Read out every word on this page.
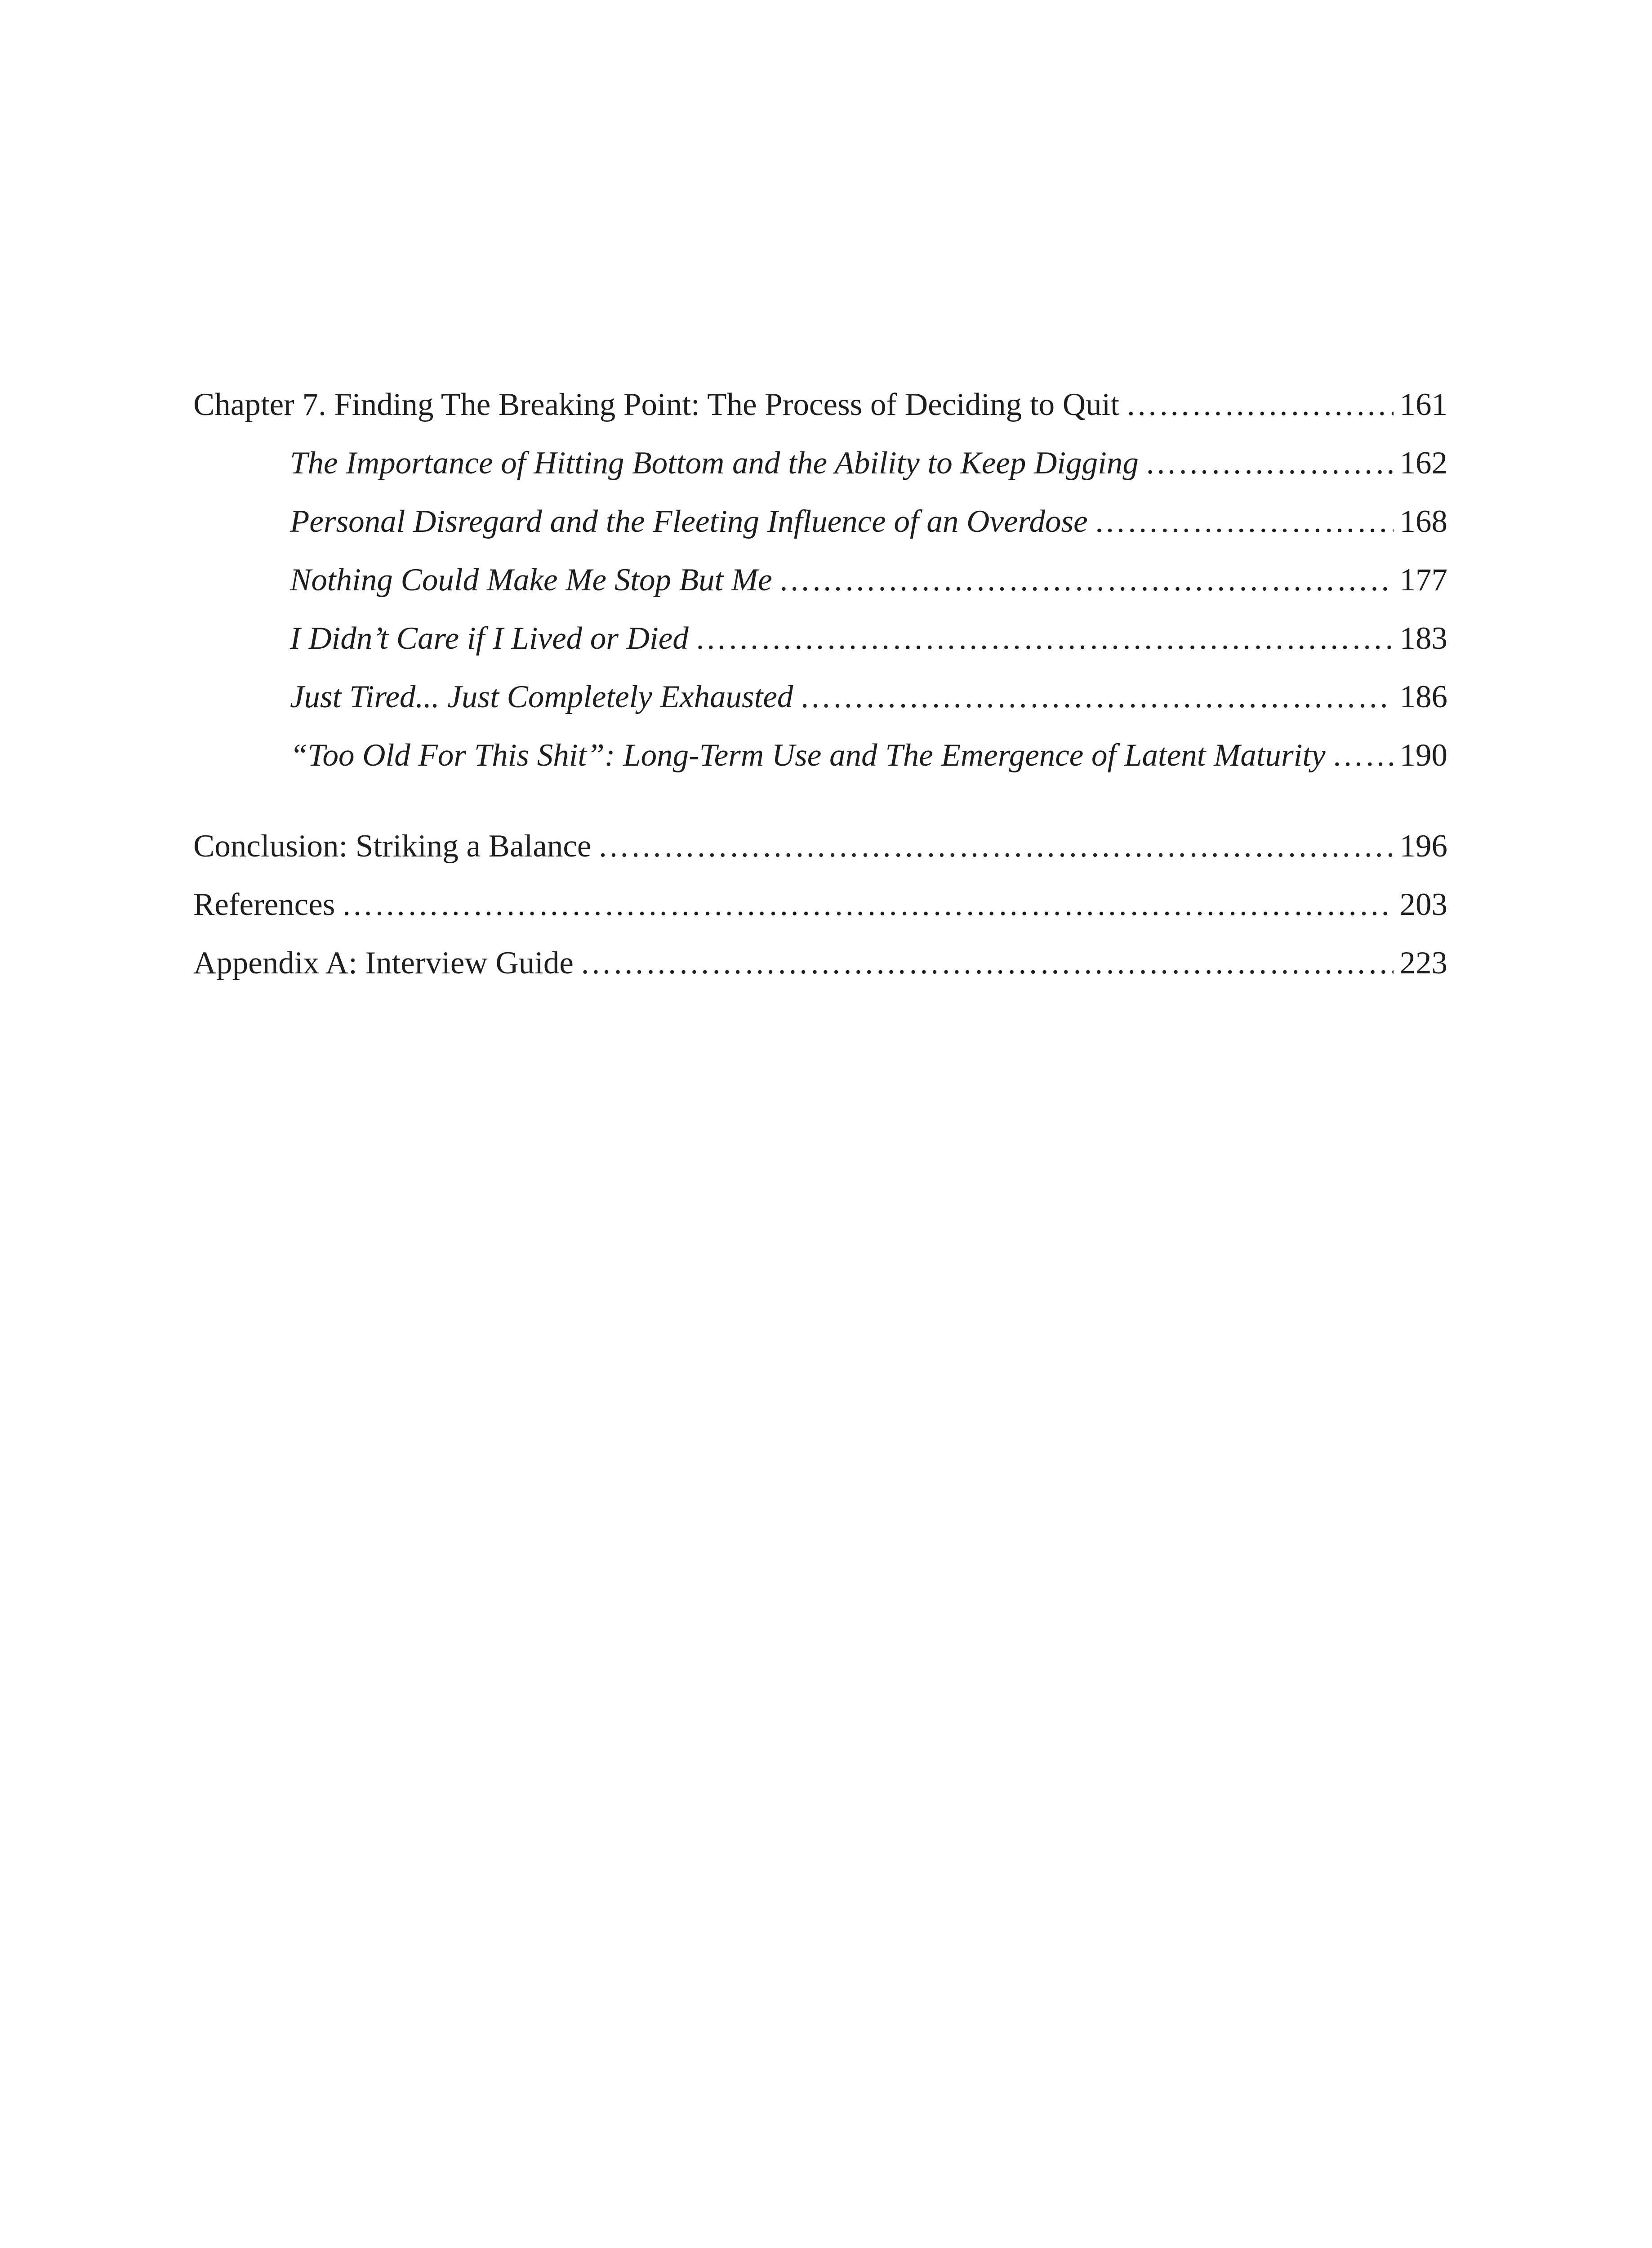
Chapter 7. Finding The Breaking Point: The Process of Deciding to Quit …………………………………………………………………………………………………………………………………………………………………………………………………………………………………………………………	161
The Importance of Hitting Bottom and the Ability to Keep Digging …………………………………………………………………………………………………………………………………………………………………………………………………………………………………………………………	162
Personal Disregard and the Fleeting Influence of an Overdose …………………………………………………………………………………………………………………………………………………………………………………………………………………………………………………………	168
Nothing Could Make Me Stop But Me …………………………………………………………………………………………………………………………………………………………………………………………………………………………………………………………	177
I Didn’t Care if I Lived or Died …………………………………………………………………………………………………………………………………………………………………………………………………………………………………………………………	183
Just Tired... Just Completely Exhausted …………………………………………………………………………………………………………………………………………………………………………………………………………………………………………………………	186
“Too Old For This Shit”: Long-Term Use and The Emergence of Latent Maturity ………………………………………………………………………………………………………………………………………………………………………………………………………………………………………………………… 190
Conclusion: Striking a Balance …………………………………………………………………………………………………………………………………………………………………………………………………………………………………………………………	196
References …………………………………………………………………………………………………………………………………………………………………………………………………………………………………………………………	203
Appendix A: Interview Guide …………………………………………………………………………………………………………………………………………………………………………………………………………………………………………………………	223
